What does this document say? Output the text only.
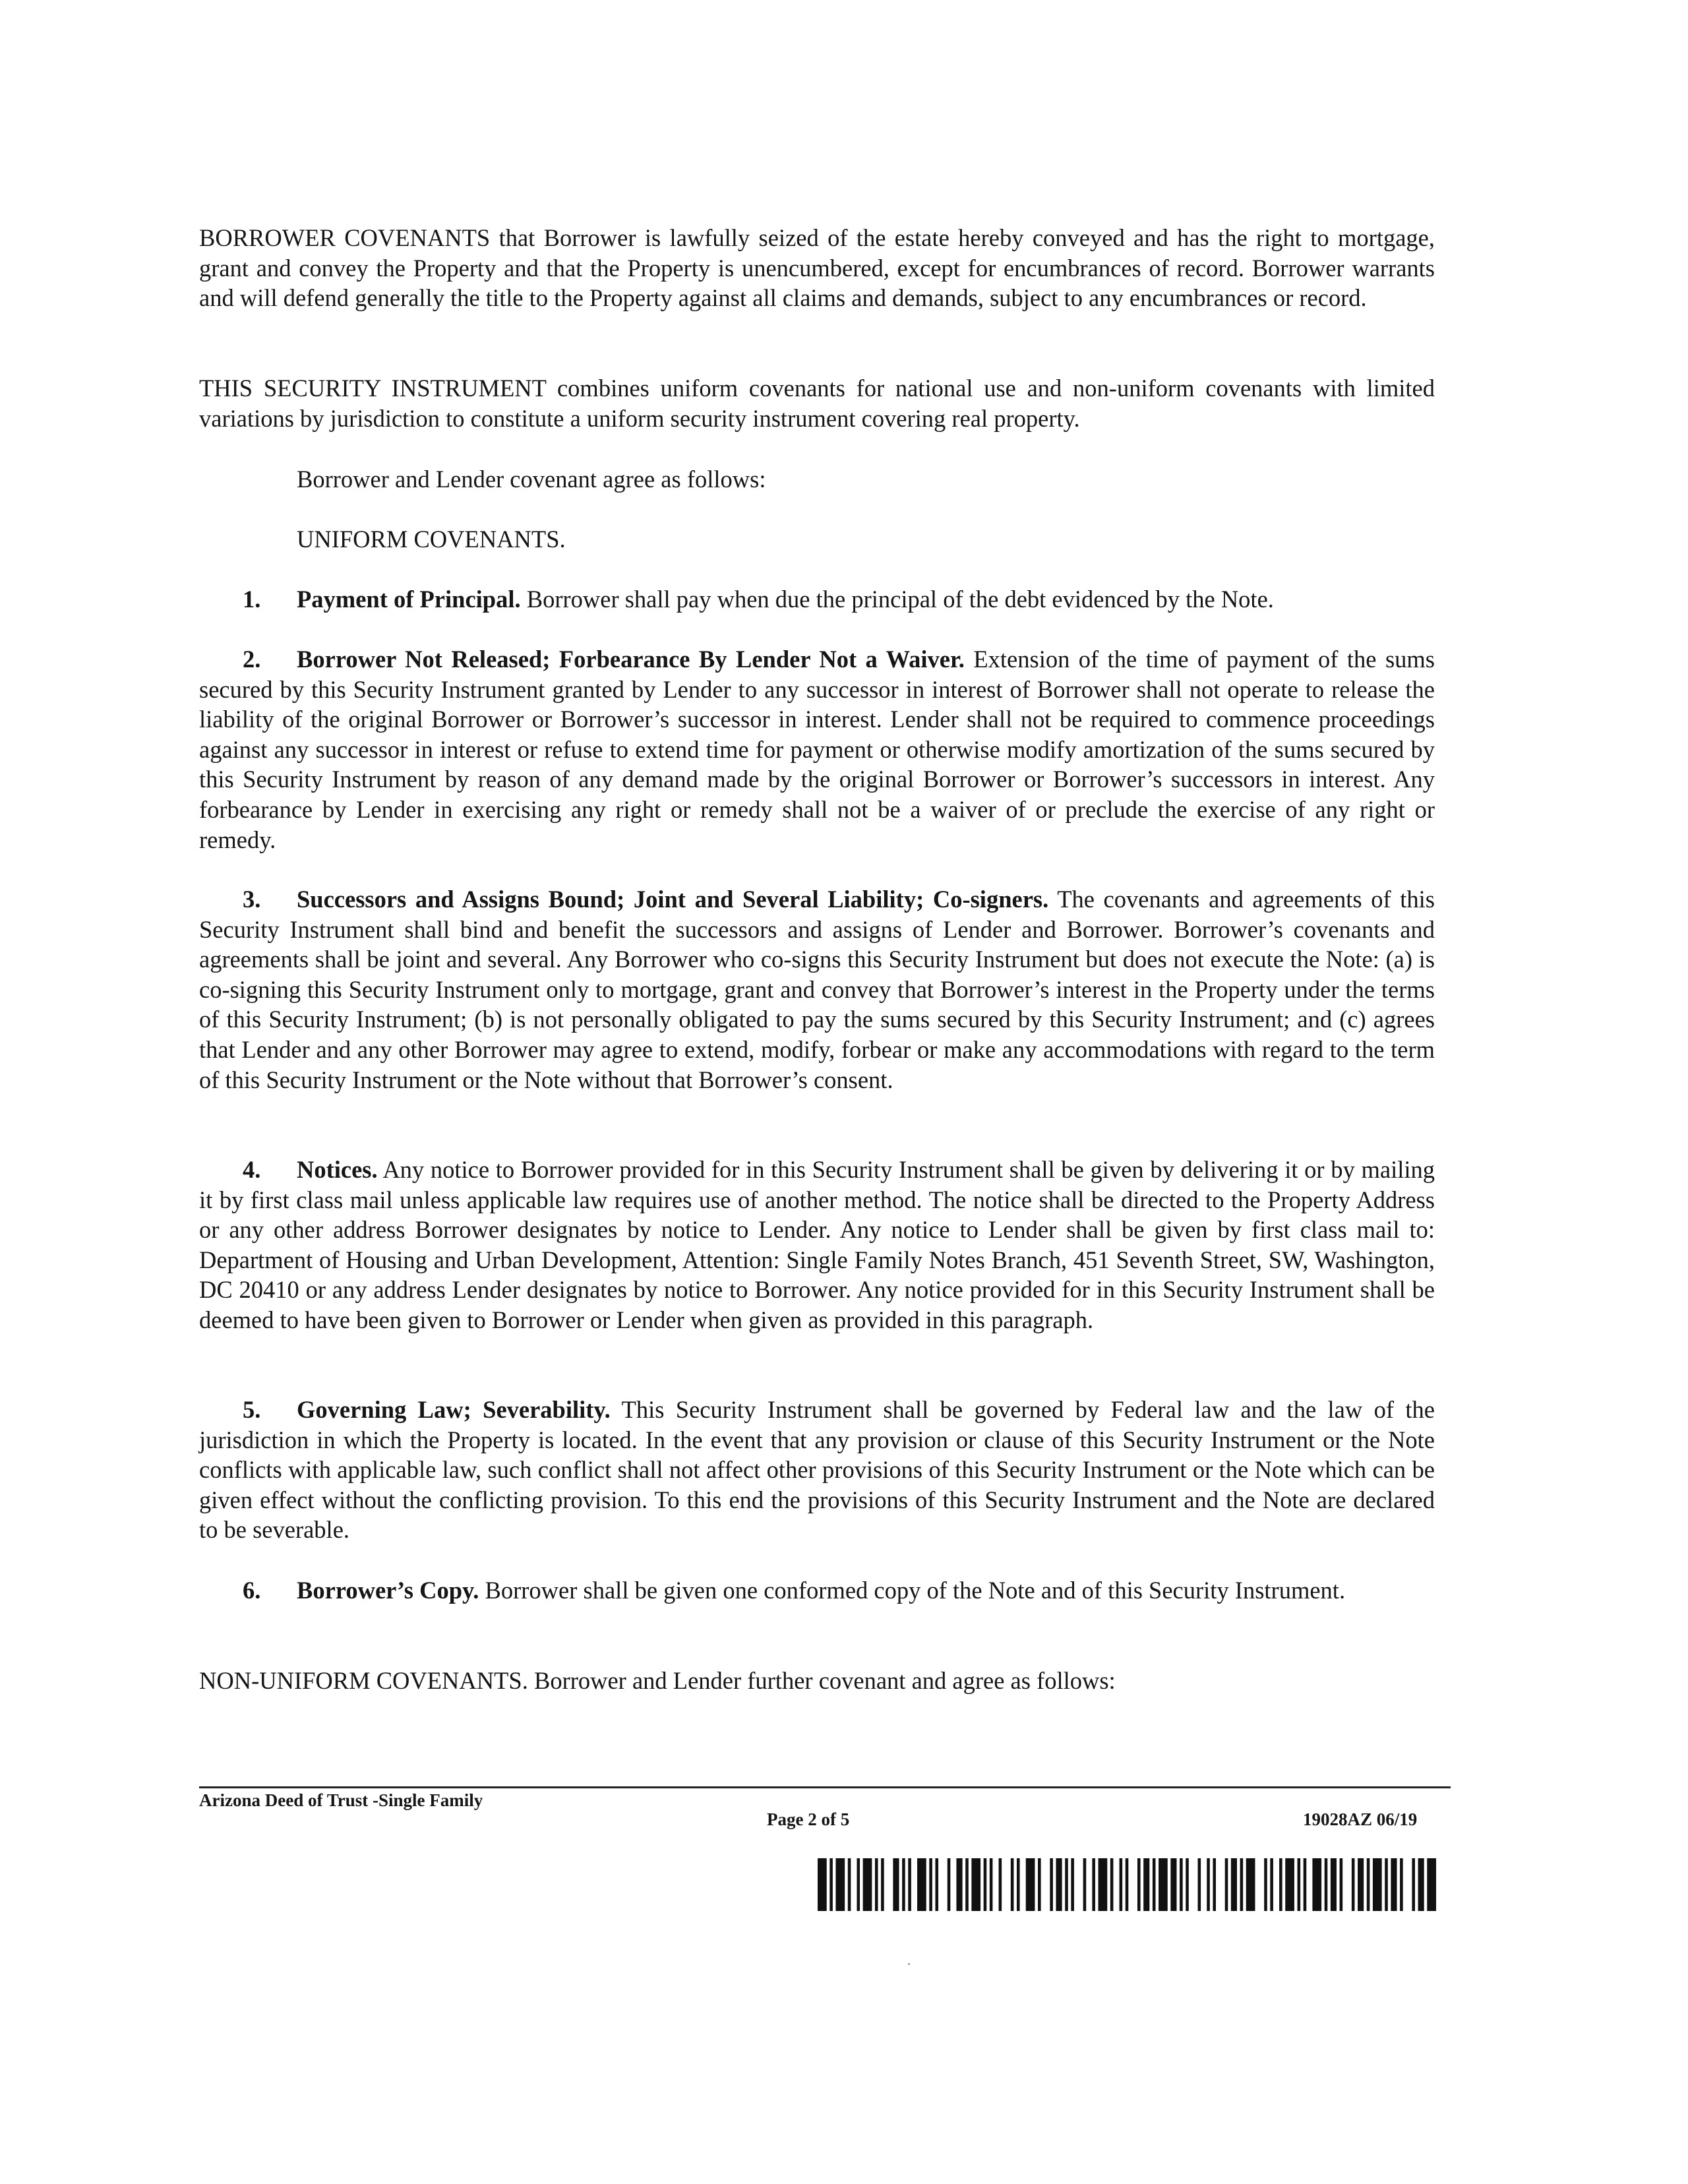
BORROWER COVENANTS that Borrower is lawfully seized of the estate hereby conveyed and has the right to mortgage, grant and convey the Property and that the Property is unencumbered, except for encumbrances of record. Borrower warrants and will defend generally the title to the Property against all claims and demands, subject to any encumbrances or record.

THIS SECURITY INSTRUMENT combines uniform covenants for national use and non-uniform covenants with limited variations by jurisdiction to constitute a uniform security instrument covering real property.

Borrower and Lender covenant agree as follows:

UNIFORM COVENANTS.

1. Payment of Principal. Borrower shall pay when due the principal of the debt evidenced by the Note.

2. Borrower Not Released; Forbearance By Lender Not a Waiver. Extension of the time of payment of the sums secured by this Security Instrument granted by Lender to any successor in interest of Borrower shall not operate to release the liability of the original Borrower or Borrower’s successor in interest. Lender shall not be required to commence proceedings against any successor in interest or refuse to extend time for payment or otherwise modify amortization of the sums secured by this Security Instrument by reason of any demand made by the original Borrower or Borrower’s successors in interest. Any forbearance by Lender in exercising any right or remedy shall not be a waiver of or preclude the exercise of any right or remedy.

3. Successors and Assigns Bound; Joint and Several Liability; Co-signers. The covenants and agreements of this Security Instrument shall bind and benefit the successors and assigns of Lender and Borrower. Borrower’s covenants and agreements shall be joint and several. Any Borrower who co-signs this Security Instrument but does not execute the Note: (a) is co-signing this Security Instrument only to mortgage, grant and convey that Borrower’s interest in the Property under the terms of this Security Instrument; (b) is not personally obligated to pay the sums secured by this Security Instrument; and (c) agrees that Lender and any other Borrower may agree to extend, modify, forbear or make any accommodations with regard to the term of this Security Instrument or the Note without that Borrower’s consent.

4. Notices. Any notice to Borrower provided for in this Security Instrument shall be given by delivering it or by mailing it by first class mail unless applicable law requires use of another method. The notice shall be directed to the Property Address or any other address Borrower designates by notice to Lender. Any notice to Lender shall be given by first class mail to: Department of Housing and Urban Development, Attention: Single Family Notes Branch, 451 Seventh Street, SW, Washington, DC 20410 or any address Lender designates by notice to Borrower. Any notice provided for in this Security Instrument shall be deemed to have been given to Borrower or Lender when given as provided in this paragraph.

5. Governing Law; Severability. This Security Instrument shall be governed by Federal law and the law of the jurisdiction in which the Property is located. In the event that any provision or clause of this Security Instrument or the Note conflicts with applicable law, such conflict shall not affect other provisions of this Security Instrument or the Note which can be given effect without the conflicting provision. To this end the provisions of this Security Instrument and the Note are declared to be severable.

6. Borrower’s Copy. Borrower shall be given one conformed copy of the Note and of this Security Instrument.

NON-UNIFORM COVENANTS. Borrower and Lender further covenant and agree as follows:

Arizona Deed of Trust -Single Family
Page 2 of 5	19028AZ 06/19
